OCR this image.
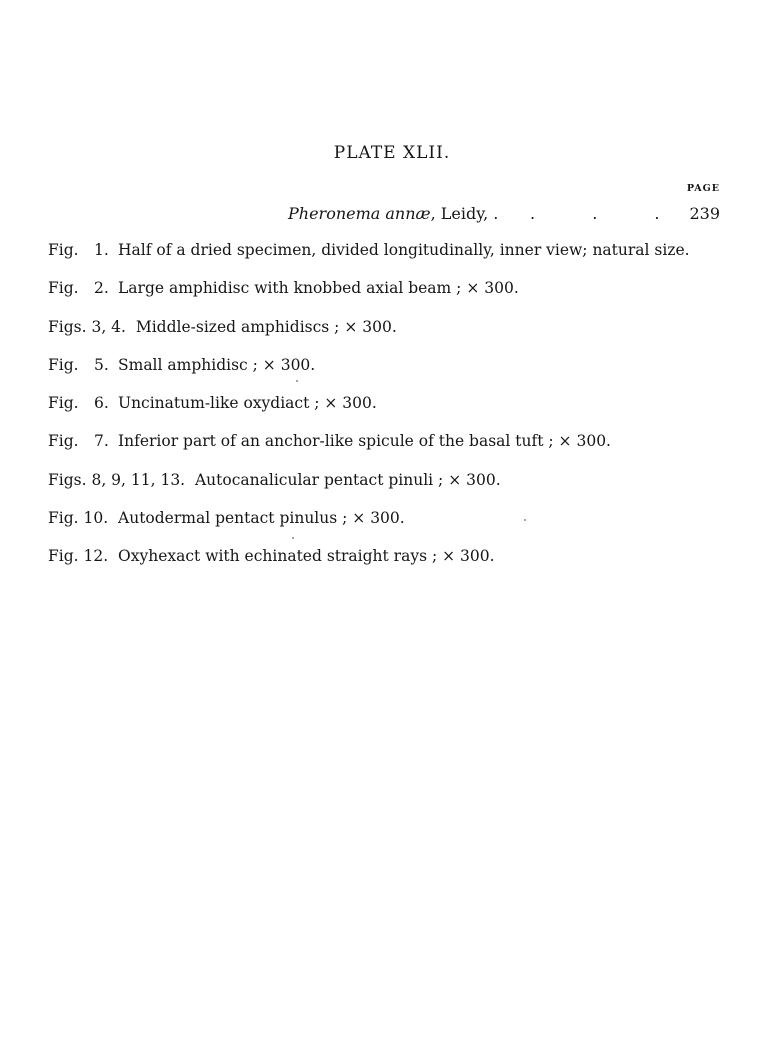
PLATE XLII.
PAGE
Pheronema annæ , Leidy, .	. . .	239
Fig. 1. Half of a dried specimen, divided longitudinally, inner view; natural size.
Fig. 2. Large amphidisc with knobbed axial beam ; × 300.
Figs.
3, 4.
Middle-sized amphidiscs ; × 300.
Fig. 5. Small amphidisc ; × 300.
Fig. 6. Uncinatum-like oxydiact ; × 300.
Fig. 7. Inferior part of an anchor-like spicule of the basal tuft ; × 300.
Figs.
8, 9, 11, 13.
Autocanalicular pentact pinuli ; × 300.
Fig.
10.
Autodermal pentact pinulus ; × 300.
Fig.
12.
Oxyhexact with echinated straight rays ; × 300.
